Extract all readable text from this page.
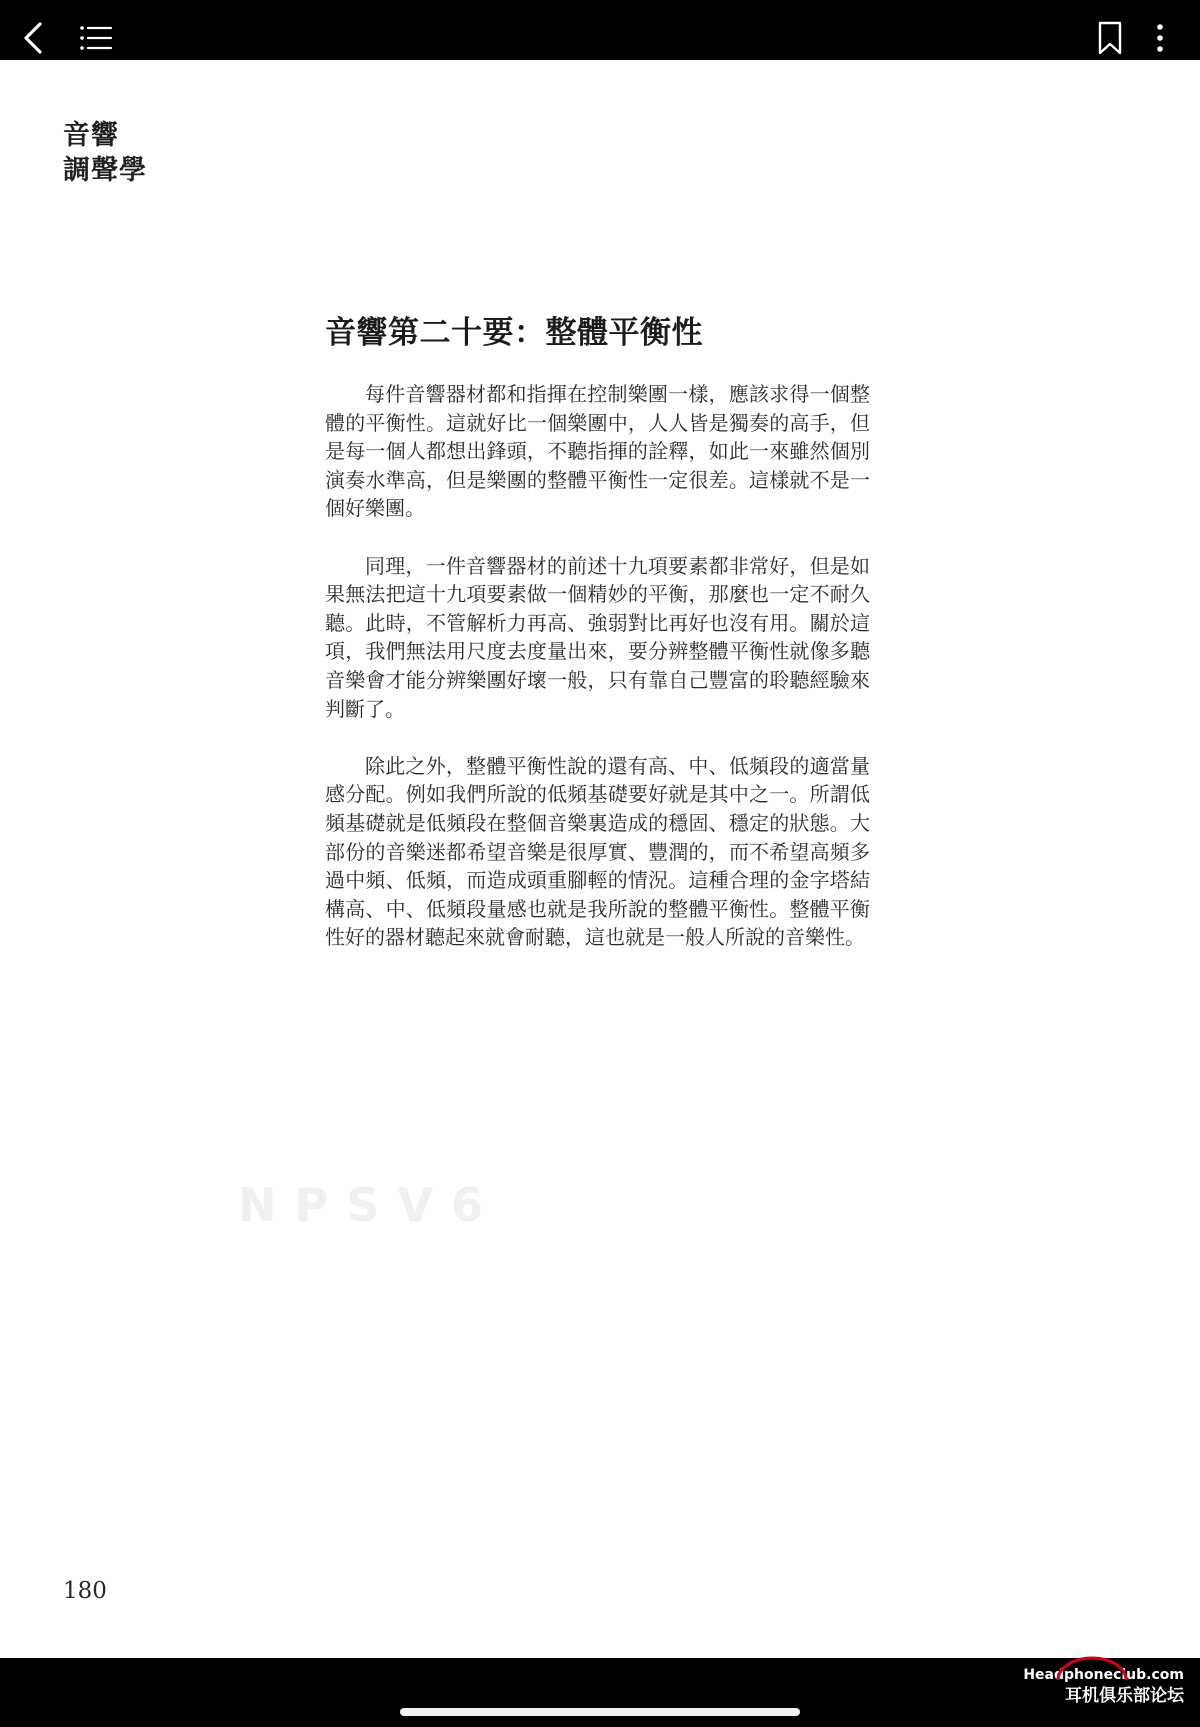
音響
調聲學
音響第二十要：整體平衡性

每件音響器材都和指揮在控制樂團一樣，應該求得一個整體的平衡性。這就好比一個樂團中，人人皆是獨奏的高手，但是每一個人都想出鋒頭，不聽指揮的詮釋，如此一來雖然個別演奏水準高，但是樂團的整體平衡性一定很差。這樣就不是一個好樂團。

同理，一件音響器材的前述十九項要素都非常好，但是如果無法把這十九項要素做一個精妙的平衡，那麼也一定不耐久聽。此時，不管解析力再高、強弱對比再好也沒有用。關於這項，我們無法用尺度去度量出來，要分辨整體平衡性就像多聽音樂會才能分辨樂團好壞一般，只有靠自己豐富的聆聽經驗來判斷了。

除此之外，整體平衡性說的還有高、中、低頻段的適當量感分配。例如我們所說的低頻基礎要好就是其中之一。所謂低頻基礎就是低頻段在整個音樂裏造成的穩固、穩定的狀態。大部份的音樂迷都希望音樂是很厚實、豐潤的，而不希望高頻多過中頻、低頻，而造成頭重腳輕的情況。這種合理的金字塔結構高、中、低頻段量感也就是我所說的整體平衡性。整體平衡性好的器材聽起來就會耐聽，這也就是一般人所說的音樂性。

NPSV6
180
Headphoneclub.com
耳机俱乐部论坛
